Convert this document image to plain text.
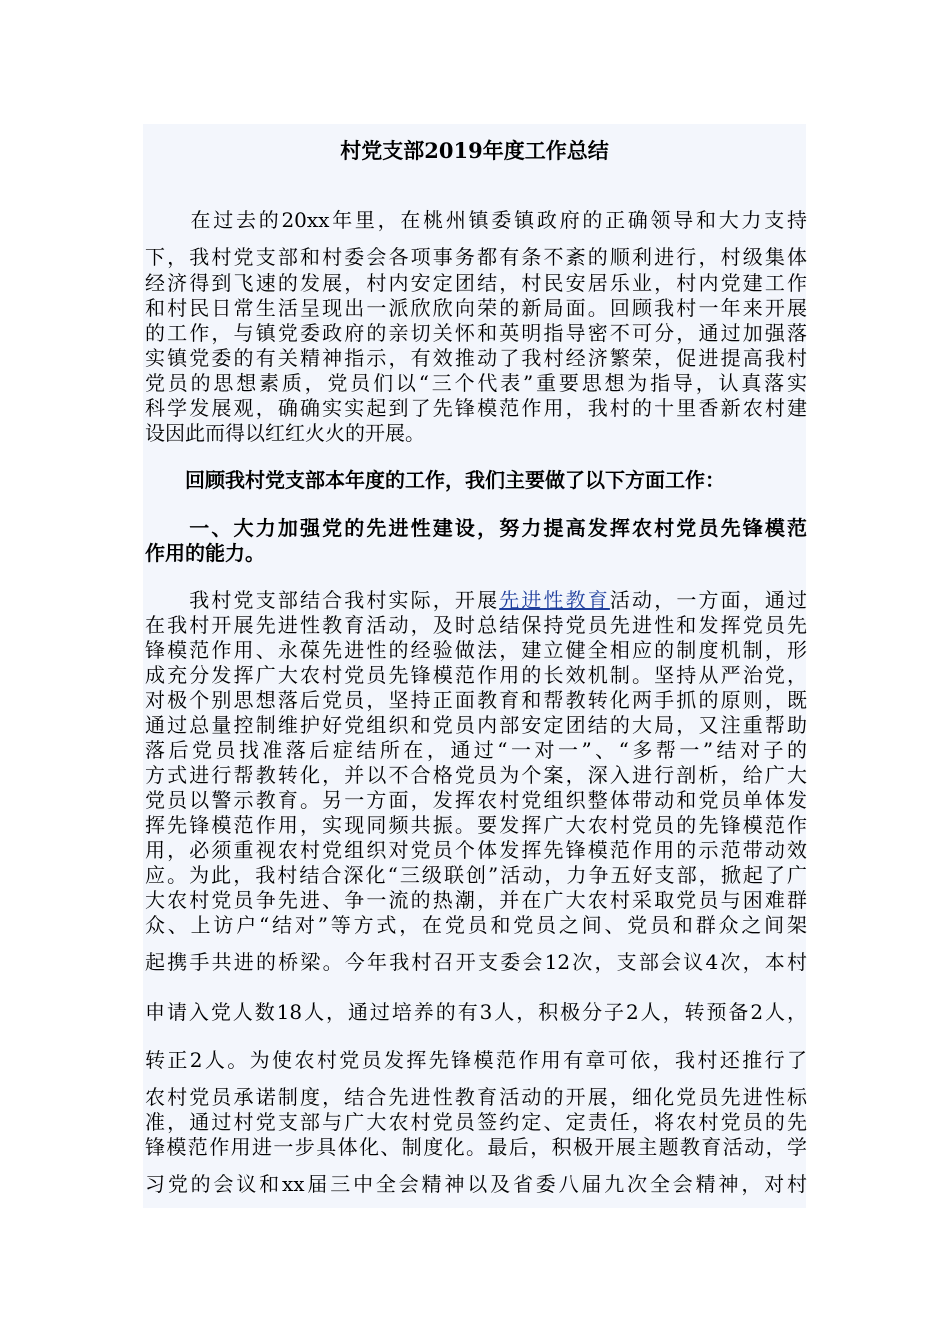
村党支部2019年度工作总结
　　在过去的20xx年里，在桃州镇委镇政府的正确领导和大力支持
下，我村党支部和村委会各项事务都有条不紊的顺利进行，村级集体
经济得到飞速的发展，村内安定团结，村民安居乐业，村内党建工作
和村民日常生活呈现出一派欣欣向荣的新局面。回顾我村一年来开展
的工作，与镇党委政府的亲切关怀和英明指导密不可分，通过加强落
实镇党委的有关精神指示，有效推动了我村经济繁荣，促进提高我村
党员的思想素质，党员们以“三个代表”重要思想为指导，认真落实
科学发展观，确确实实起到了先锋模范作用，我村的十里香新农村建
设因此而得以红红火火的开展。
　　回顾我村党支部本年度的工作，我们主要做了以下方面工作：
　　一、大力加强党的先进性建设，努力提高发挥农村党员先锋模范
作用的能力。
　　我村党支部结合我村实际，开展先进性教育活动，一方面，通过
在我村开展先进性教育活动，及时总结保持党员先进性和发挥党员先
锋模范作用、永葆先进性的经验做法，建立健全相应的制度机制，形
成充分发挥广大农村党员先锋模范作用的长效机制。坚持从严治党，
对极个别思想落后党员，坚持正面教育和帮教转化两手抓的原则，既
通过总量控制维护好党组织和党员内部安定团结的大局，又注重帮助
落后党员找准落后症结所在，通过“一对一”、“多帮一”结对子的
方式进行帮教转化，并以不合格党员为个案，深入进行剖析，给广大
党员以警示教育。另一方面，发挥农村党组织整体带动和党员单体发
挥先锋模范作用，实现同频共振。要发挥广大农村党员的先锋模范作
用，必须重视农村党组织对党员个体发挥先锋模范作用的示范带动效
应。为此，我村结合深化“三级联创”活动，力争五好支部，掀起了广
大农村党员争先进、争一流的热潮，并在广大农村采取党员与困难群
众、上访户“结对”等方式，在党员和党员之间、党员和群众之间架
起携手共进的桥梁。今年我村召开支委会12次，支部会议4次，本村
申请入党人数18人，通过培养的有3人，积极分子2人，转预备2人，
转正2人。为使农村党员发挥先锋模范作用有章可依，我村还推行了
农村党员承诺制度，结合先进性教育活动的开展，细化党员先进性标
准，通过村党支部与广大农村党员签约定、定责任，将农村党员的先
锋模范作用进一步具体化、制度化。最后，积极开展主题教育活动，学
习党的会议和xx届三中全会精神以及省委八届九次全会精神，对村
